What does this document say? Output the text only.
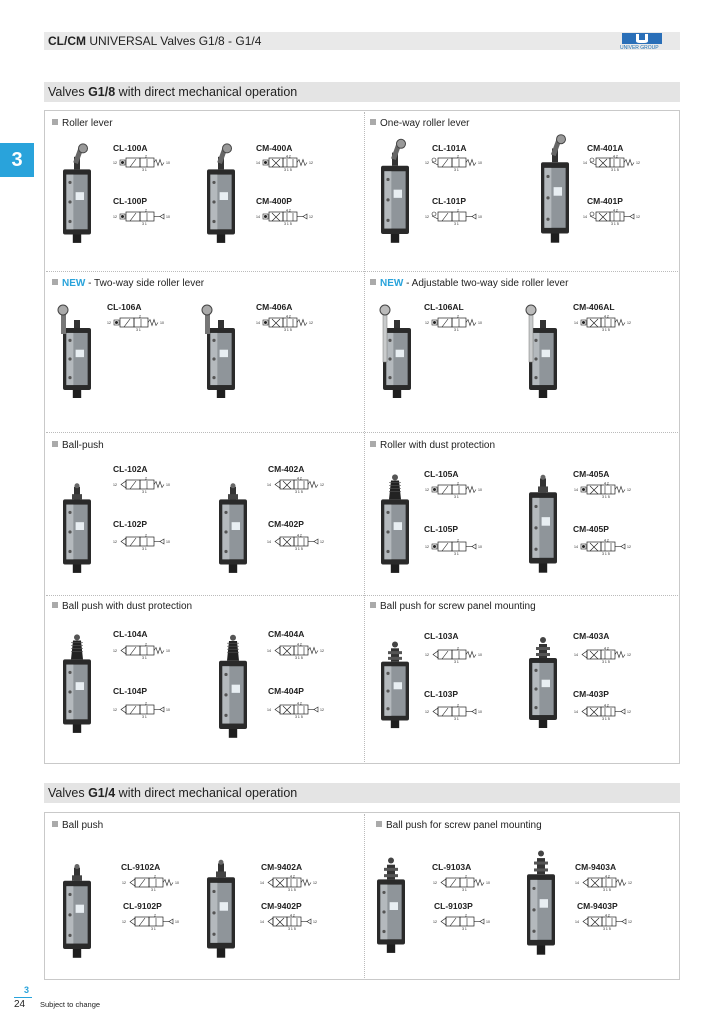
CL/CM UNIVERSAL Valves G1/8 - G1/4	UNIVER GROUP
3
Valves G1/8 with direct mechanical operation
Roller lever	One-way roller lever
NEW - Two-way side roller lever	NEW - Adjustable two-way side roller lever
Ball-push	Roller with dust protection
Ball push with dust protection	Ball push for screw panel mounting
CL-100A	CM-400A
CL-100P	CM-400P
CL-101A	CM-401A
CL-101P	CM-401P
CL-106A	CM-406A	CL-106AL	CM-406AL
CL-102A	CM-402A
CL-102P	CM-402P
CL-105A	CM-405A
CL-105P	CM-405P
CL-104A	CM-404A
CL-104P	CM-404P
CL-103A	CM-403A
CL-103P	CM-403P
Valves G1/4 with direct mechanical operation
Ball push	Ball push for screw panel mounting
CL-9102A	CM-9402A
CL-9102P	CM-9402P
CL-9103A	CM-9403A
CL-9103P	CM-9403P
2
3 1
12	10
4 2
3 1 5
14	12
2
3 1
12	10
4 2
3 1 5
14	12
2
3 1
12	10
4 2
3 1 5
14	12
2
3 1
12	10
4 2
3 1 5
14	12
2
3 1
12	10
4 2
3 1 5
14	12
2
3 1
12	10
4 2
3 1 5
14	12
2
3 1
12	10
4 2
3 1 5
14	12
2
3 1
12	10
4 2
3 1 5
14	12
2
3 1
12	10
4 2
3 1 5
14	12
2
3 1
12	10
4 2
3 1 5
14	12
2
3 1
12	10
4 2
3 1 5
14	12
2
3 1
12	10
4 2
3 1 5
14	12
2
3 1
12	10
4 2
3 1 5
14	12
2
3 1
12	10
4 2
3 1 5
14	12
2
3 1
12	10
4 2
3 1 5
14	12
2
3 1
12	10
4 2
3 1 5
14	12
2
3 1
12	10
4 2
3 1 5
14	12
2
3 1
12	10
4 2
3 1 5
14	12
3
24 Subject to change
